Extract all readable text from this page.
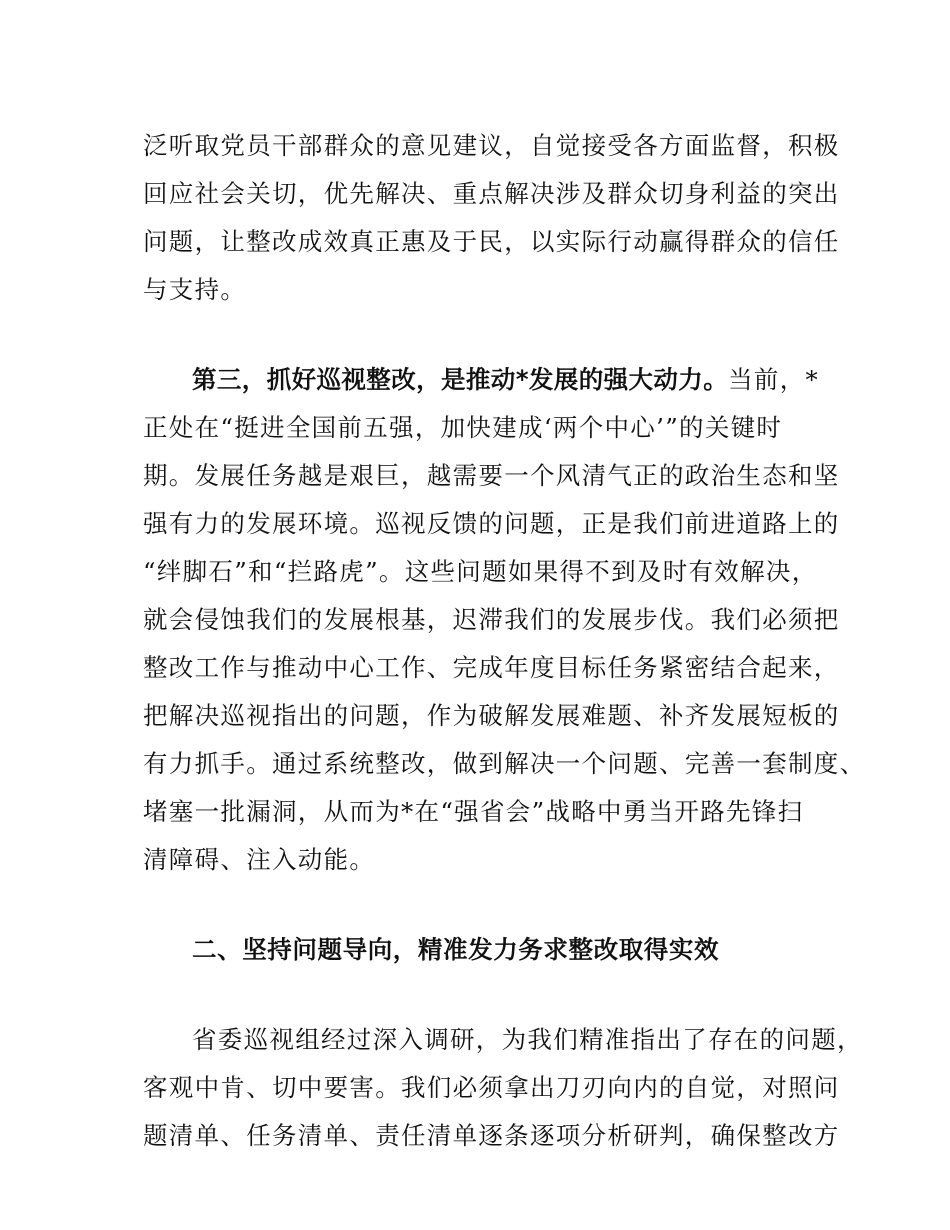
泛听取党员干部群众的意见建议，自觉接受各方面监督，积极
回应社会关切，优先解决、重点解决涉及群众切身利益的突出
问题，让整改成效真正惠及于民，以实际行动赢得群众的信任
与支持。
第三，抓好巡视整改，是推动*发展的强大动力。当前，*
正处在“挺进全国前五强，加快建成‘两个中心’”的关键时
期。发展任务越是艰巨，越需要一个风清气正的政治生态和坚
强有力的发展环境。巡视反馈的问题，正是我们前进道路上的
“绊脚石”和“拦路虎”。这些问题如果得不到及时有效解决，
就会侵蚀我们的发展根基，迟滞我们的发展步伐。我们必须把
整改工作与推动中心工作、完成年度目标任务紧密结合起来，
把解决巡视指出的问题，作为破解发展难题、补齐发展短板的
有力抓手。通过系统整改，做到解决一个问题、完善一套制度、
堵塞一批漏洞，从而为*在“强省会”战略中勇当开路先锋扫
清障碍、注入动能。
二、坚持问题导向，精准发力务求整改取得实效
省委巡视组经过深入调研，为我们精准指出了存在的问题，
客观中肯、切中要害。我们必须拿出刀刃向内的自觉，对照问
题清单、任务清单、责任清单逐条逐项分析研判，确保整改方
